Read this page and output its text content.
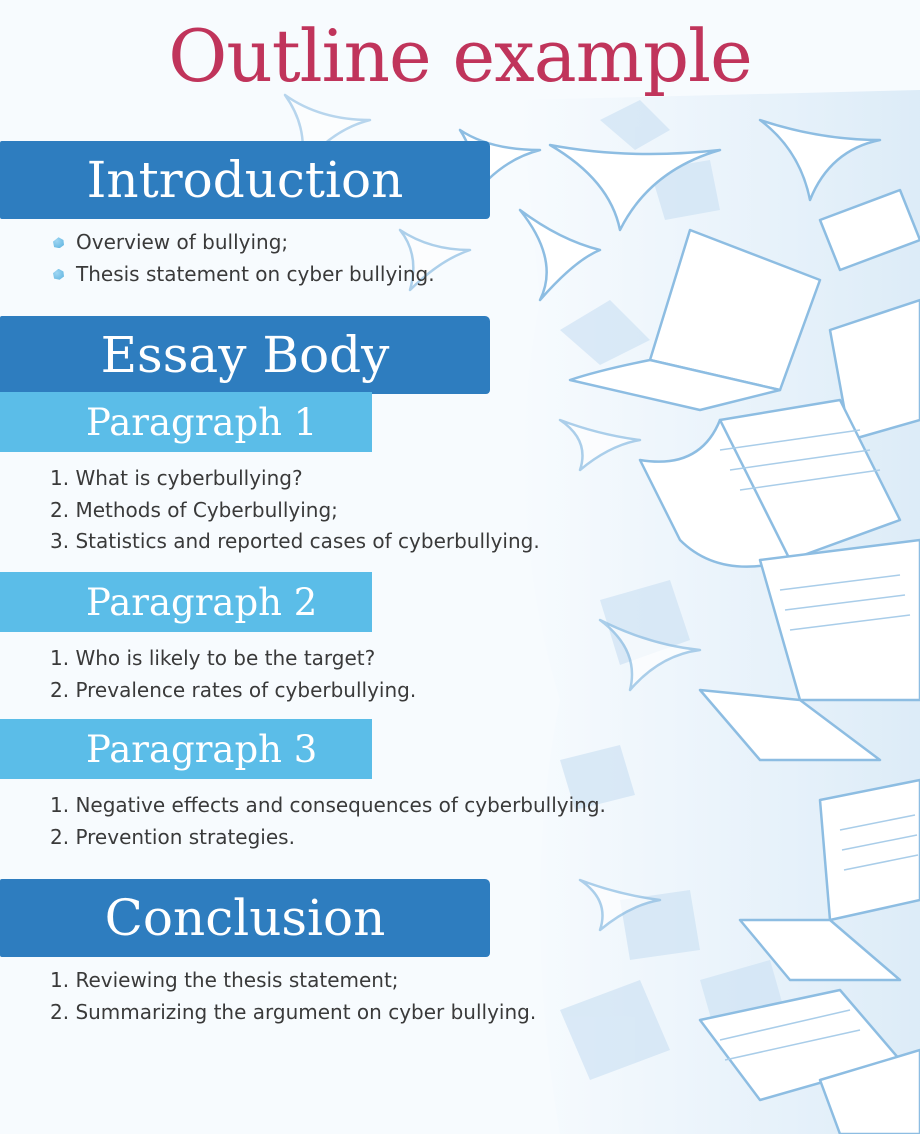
Outline example
Introduction
Overview of bullying;
Thesis statement on cyber bullying.
Essay Body
Paragraph 1
1. What is cyberbullying?
2. Methods of Cyberbullying;
3. Statistics and reported cases of cyberbullying.
Paragraph 2
1. Who is likely to be the target?
2. Prevalence rates of cyberbullying.
Paragraph 3
1. Negative effects and consequences of cyberbullying.
2. Prevention strategies.
Conclusion
1. Reviewing the thesis statement;
2. Summarizing the argument on cyber bullying.
